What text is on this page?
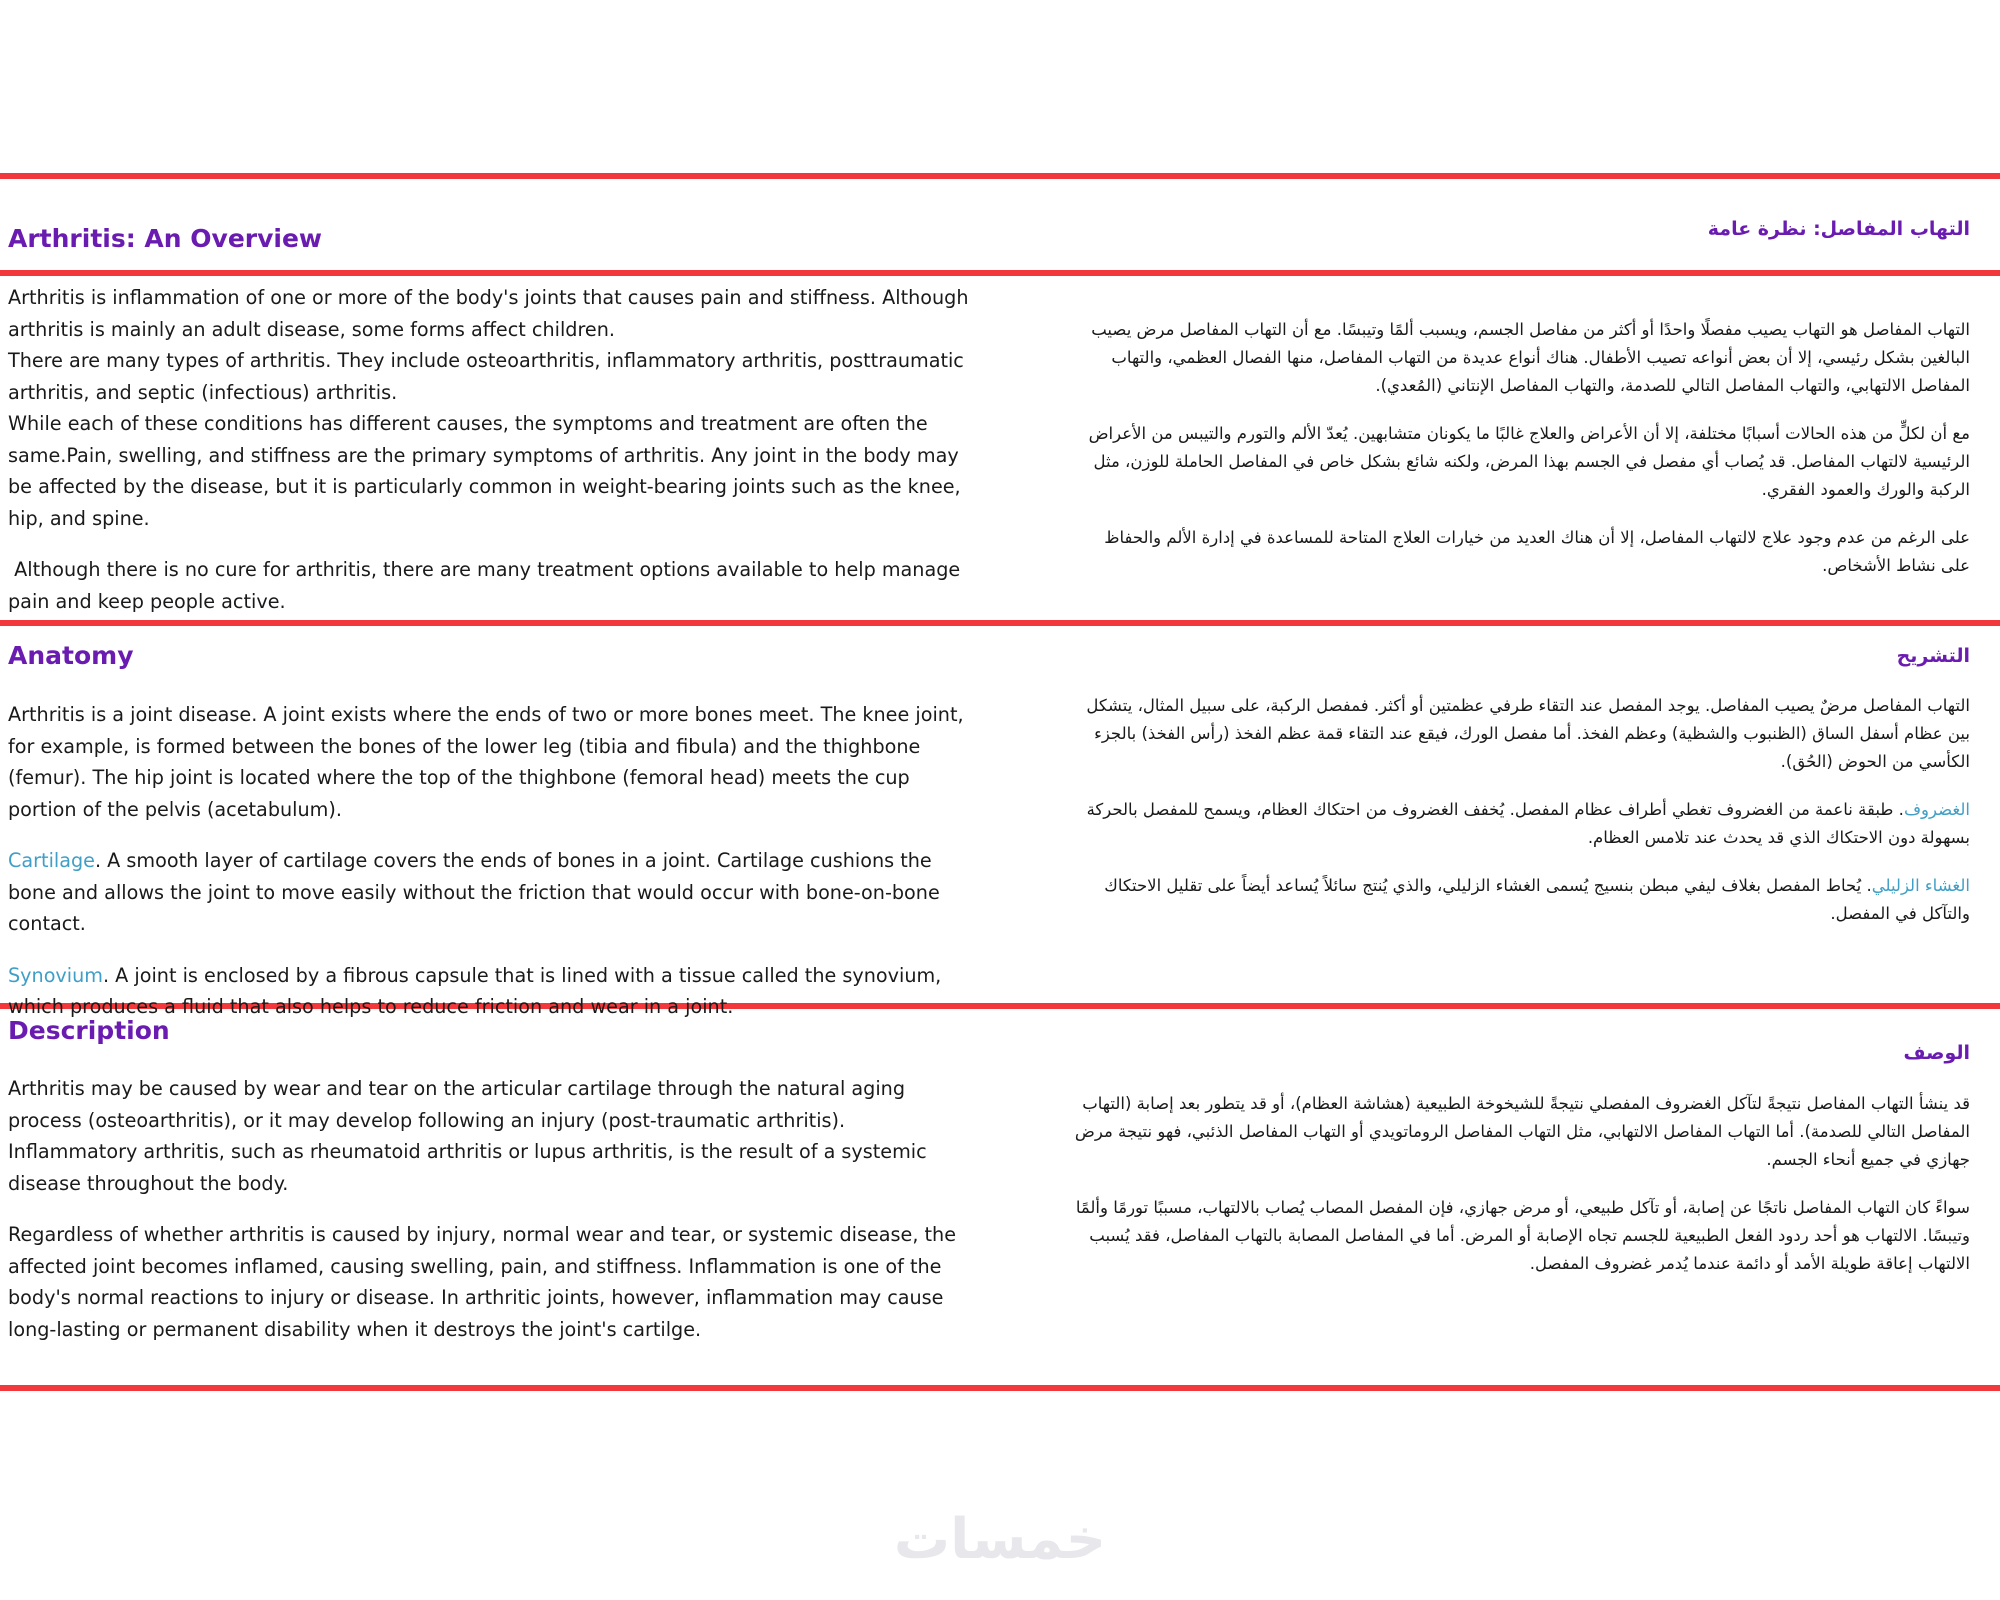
Arthritis: An Overview	التهاب المفاصل: نظرة عامة

Arthritis is inflammation of one or more of the body's joints that causes pain and stiffness. Although arthritis is mainly an adult disease, some forms affect children.

There are many types of arthritis. They include osteoarthritis, inflammatory arthritis, posttraumatic arthritis, and septic (infectious) arthritis.

While each of these conditions has different causes, the symptoms and treatment are often the same.Pain, swelling, and stiffness are the primary symptoms of arthritis. Any joint in the body may be affected by the disease, but it is particularly common in weight-bearing joints such as the knee, hip, and spine.

Although there is no cure for arthritis, there are many treatment options available to help manage pain and keep people active.

التهاب المفاصل هو التهاب يصيب مفصلًا واحدًا أو أكثر من مفاصل الجسم، ويسبب ألمًا وتيبسًا. مع أن التهاب المفاصل مرض يصيب البالغين بشكل رئيسي، إلا أن بعض أنواعه تصيب الأطفال. هناك أنواع عديدة من التهاب المفاصل، منها الفصال العظمي، والتهاب المفاصل الالتهابي، والتهاب المفاصل التالي للصدمة، والتهاب المفاصل الإنتاني (المُعدي).

مع أن لكلٍّ من هذه الحالات أسبابًا مختلفة، إلا أن الأعراض والعلاج غالبًا ما يكونان متشابهين. يُعدّ الألم والتورم والتيبس من الأعراض الرئيسية لالتهاب المفاصل. قد يُصاب أي مفصل في الجسم بهذا المرض، ولكنه شائع بشكل خاص في المفاصل الحاملة للوزن، مثل الركبة والورك والعمود الفقري.

على الرغم من عدم وجود علاج لالتهاب المفاصل، إلا أن هناك العديد من خيارات العلاج المتاحة للمساعدة في إدارة الألم والحفاظ على نشاط الأشخاص.

Anatomy	التشريح

Arthritis is a joint disease. A joint exists where the ends of two or more bones meet. The knee joint, for example, is formed between the bones of the lower leg (tibia and fibula) and the thighbone (femur). The hip joint is located where the top of the thighbone (femoral head) meets the cup portion of the pelvis (acetabulum).

Cartilage. A smooth layer of cartilage covers the ends of bones in a joint. Cartilage cushions the bone and allows the joint to move easily without the friction that would occur with bone-on-bone contact.

Synovium. A joint is enclosed by a fibrous capsule that is lined with a tissue called the synovium, which produces a fluid that also helps to reduce friction and wear in a joint.

التهاب المفاصل مرضٌ يصيب المفاصل. يوجد المفصل عند التقاء طرفي عظمتين أو أكثر. فمفصل الركبة، على سبيل المثال، يتشكل بين عظام أسفل الساق (الظنبوب والشظية) وعظم الفخذ. أما مفصل الورك، فيقع عند التقاء قمة عظم الفخذ (رأس الفخذ) بالجزء الكأسي من الحوض (الحُق).

الغضروف. طبقة ناعمة من الغضروف تغطي أطراف عظام المفصل. يُخفف الغضروف من احتكاك العظام، ويسمح للمفصل بالحركة بسهولة دون الاحتكاك الذي قد يحدث عند تلامس العظام.

الغشاء الزليلي. يُحاط المفصل بغلاف ليفي مبطن بنسيج يُسمى الغشاء الزليلي، والذي يُنتج سائلاً يُساعد أيضاً على تقليل الاحتكاك والتآكل في المفصل.

Description
الوصف

Arthritis may be caused by wear and tear on the articular cartilage through the natural aging process (osteoarthritis), or it may develop following an injury (post-traumatic arthritis). Inflammatory arthritis, such as rheumatoid arthritis or lupus arthritis, is the result of a systemic disease throughout the body.

Regardless of whether arthritis is caused by injury, normal wear and tear, or systemic disease, the affected joint becomes inflamed, causing swelling, pain, and stiffness. Inflammation is one of the body's normal reactions to injury or disease. In arthritic joints, however, inflammation may cause long-lasting or permanent disability when it destroys the joint's cartilge.

قد ينشأ التهاب المفاصل نتيجةً لتآكل الغضروف المفصلي نتيجةً للشيخوخة الطبيعية (هشاشة العظام)، أو قد يتطور بعد إصابة (التهاب المفاصل التالي للصدمة). أما التهاب المفاصل الالتهابي، مثل التهاب المفاصل الروماتويدي أو التهاب المفاصل الذئبي، فهو نتيجة مرض جهازي في جميع أنحاء الجسم.

سواءً كان التهاب المفاصل ناتجًا عن إصابة، أو تآكل طبيعي، أو مرض جهازي، فإن المفصل المصاب يُصاب بالالتهاب، مسببًا تورمًا وألمًا وتيبسًا. الالتهاب هو أحد ردود الفعل الطبيعية للجسم تجاه الإصابة أو المرض. أما في المفاصل المصابة بالتهاب المفاصل، فقد يُسبب الالتهاب إعاقة طويلة الأمد أو دائمة عندما يُدمر غضروف المفصل.

خمسات
